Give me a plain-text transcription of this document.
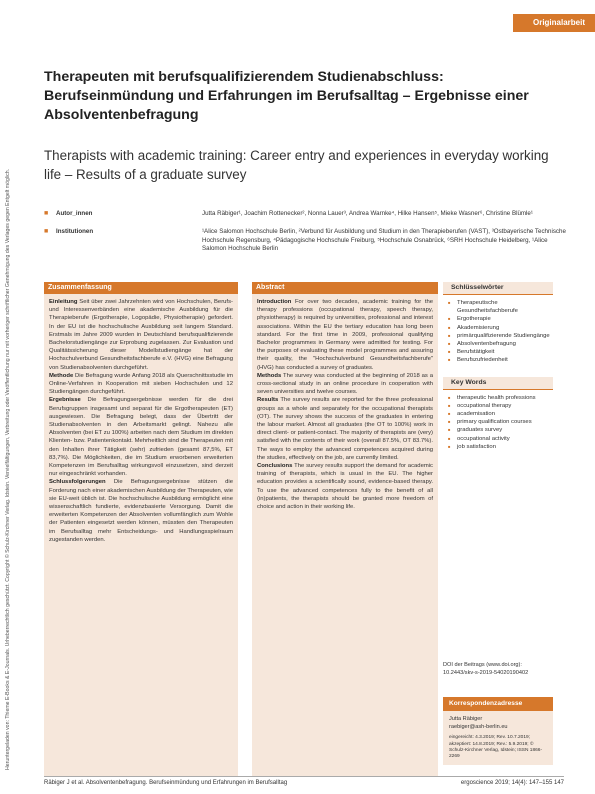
Heruntergeladen von: Thieme E-Books & E-Journals. Urheberrechtlich geschützt. Copyright © Schulz-Kirchner Verlag. Idstein. Vervielfältigungen, Verbreitung oder Veröffentlichung nur mit vorheriger schriftlicher Genehmigung des Verlages gegen Entgelt möglich.
Originalarbeit
Therapeuten mit berufsqualifizierendem Studienabschluss: Berufseinmündung und Erfahrungen im Berufsalltag – Ergebnisse einer Absolventenbefragung
Therapists with academic training: Career entry and experiences in everyday working life – Results of a graduate survey
■ Autor_innen	Jutta Räbiger¹, Joachim Rottenecker², Nonna Lauer³, Andrea Warnke⁴, Hilke Hansen⁵, Mieke Wasner⁶, Christine Blümle¹
■ Institutionen	¹Alice Salomon Hochschule Berlin, ²Verbund für Ausbildung und Studium in den Therapieberufen (VAST), ³Ostbayerische Technische Hochschule Regensburg, ⁴Pädagogische Hochschule Freiburg, ⁵Hochschule Osnabrück, ⁶SRH Hochschule Heidelberg, ¹Alice Salomon Hochschule Berlin
Zusammenfassung

Einleitung Seit über zwei Jahrzehnten wird von Hochschulen, Berufs- und Interessenverbänden eine akademische Ausbildung für die Therapieberufe (Ergotherapie, Logopädie, Physiotherapie) gefordert. In der EU ist die hochschulische Ausbildung seit langem Standard. Erstmals im Jahre 2009 wurden in Deutschland berufsqualifizierende Bachelorstudiengänge zur Erprobung zugelassen. Zur Evaluation und Qualitätssicherung dieser Modellstudiengänge hat der Hochschulverbund Gesundheitsfachberufe e.V. (HVG) eine Befragung von Studienabsolventen durchgeführt.

Methode Die Befragung wurde Anfang 2018 als Querschnittsstudie im Online-Verfahren in Kooperation mit sieben Hochschulen und 12 Studiengängen durchgeführt.

Ergebnisse Die Befragungsergebnisse werden für die drei Berufsgruppen insgesamt und separat für die Ergotherapeuten (ET) ausgewiesen. Die Befragung belegt, dass der Übertritt der Studienabsolventen in den Arbeitsmarkt gelingt. Nahezu alle Absolventen (bei ET zu 100%) arbeiten nach dem Studium im direkten Klienten- bzw. Patientenkontakt. Mehrheitlich sind die Therapeuten mit den Inhalten ihrer Tätigkeit (sehr) zufrieden (gesamt 87,5%, ET 83,7%). Die Möglichkeiten, die im Studium erworbenen erweiterten Kompetenzen im Berufsalltag wirkungsvoll einzusetzen, sind derzeit nur eingeschränkt vorhanden.

Schlussfolgerungen Die Befragungsergebnisse stützen die Forderung nach einer akademischen Ausbildung der Therapeuten, wie sie EU-weit üblich ist. Die hochschulische Ausbildung ermöglicht eine wissenschaftlich fundierte, evidenzbasierte Versorgung. Damit die erweiterten Kompetenzen der Absolventen vollumfänglich zum Wohle der Patienten eingesetzt werden können, müssten den Therapeuten im Berufsalltag mehr Entscheidungs- und Handlungsspielraum zugestanden werden.

Abstract

Introduction For over two decades, academic training for the therapy professions (occupational therapy, speech therapy, physiotherapy) is required by universities, professional and interest associations. Within the EU the tertiary education has long been standard. For the first time in 2009, professional qualifying Bachelor programmes in Germany were admitted for testing. For the purposes of evaluating these model programmes and assuring their quality, the "Hochschulverbund Gesundheitsfachberufe" (HVG) has conducted a survey of graduates.

Methods The survey was conducted at the beginning of 2018 as a cross-sectional study in an online procedure in cooperation with seven universities and twelve courses.

Results The survey results are reported for the three professional groups as a whole and separately for the occupational therapists (OT). The survey shows the success of the graduates in entering the labour market. Almost all graduates (the OT to 100%) work in direct client- or patient-contact. The majority of therapists are (very) satisfied with the contents of their work (overall 87.5%, OT 83.7%). The ways to employ the advanced competences acquired during the studies, effectively on the job, are currently limited.

Conclusions The survey results support the demand for academic training of therapists, which is usual in the EU. The higher education provides a scientifically sound, evidence-based therapy. To use the advanced competences fully to the benefit of all (in)patients, the therapists should be granted more freedom of choice and action in their working life.

Schlüsselwörter
■ Therapeutische Gesundheitsfachberufe
■ Ergotherapie
■ Akademisierung
■ primärqualifizierende Studiengänge
■ Absolventenbefragung
■ Berufstätigkeit
■ Berufszufriedenheit
Key Words
■ therapeutic health professions
■ occupational therapy
■ academisation
■ primary qualification courses
■ graduates survey
■ occupational activity
■ job satisfaction
DOI der Beitrags (www.doi.org): 10.2443/skv-s-2019-54020190402
Korrespondenzadresse
Jutta Räbiger
raebiger@ash-berlin.eu
eingereicht: 4.3.2019; Rev. 10.7.2019; akzeptiert: 14.8.2019; Rev.: 5.9.2019; © Schulz-Kirchner Verlag, Idstein; ISSN 1866-2269
Räbiger J et al. Absolventenbefragung. Berufseinmündung und Erfahrungen im Berufsalltag	ergoscience 2019; 14(4): 147–155 147
